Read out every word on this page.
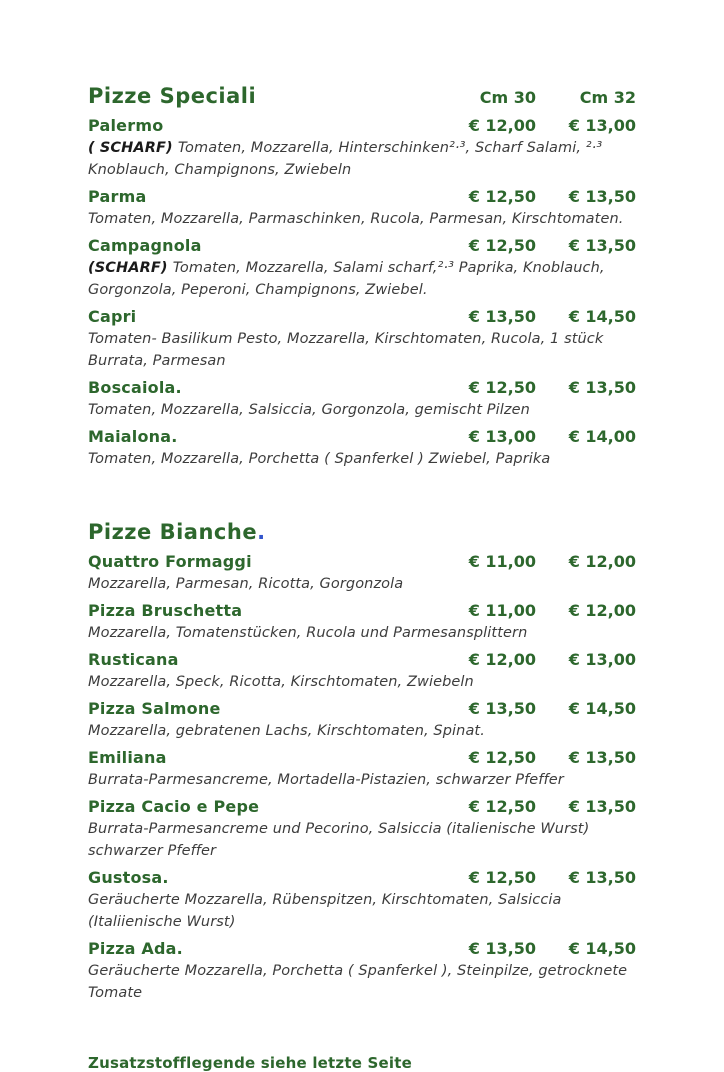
Pizze Speciali	Cm 30	Cm 32
Palermo	€ 12,00	€ 13,00
( SCHARF) Tomaten, Mozzarella, Hinterschinken²·³, Scharf Salami, ²·³ Knoblauch, Champignons, Zwiebeln
Parma	€ 12,50	€ 13,50
Tomaten, Mozzarella, Parmaschinken, Rucola, Parmesan, Kirschtomaten.
Campagnola	€ 12,50	€ 13,50
(SCHARF) Tomaten, Mozzarella, Salami scharf,²·³ Paprika, Knoblauch, Gorgonzola, Peperoni, Champignons, Zwiebel.
Capri	€ 13,50	€ 14,50
Tomaten- Basilikum Pesto, Mozzarella, Kirschtomaten, Rucola, 1 stück Burrata, Parmesan
Boscaiola.	€ 12,50	€ 13,50
Tomaten, Mozzarella, Salsiccia, Gorgonzola, gemischt Pilzen
Maialona.	€ 13,00	€ 14,00
Tomaten, Mozzarella, Porchetta ( Spanferkel ) Zwiebel, Paprika
Pizze Bianche.
Quattro Formaggi	€ 11,00	€ 12,00
Mozzarella, Parmesan, Ricotta, Gorgonzola
Pizza Bruschetta	€ 11,00	€ 12,00
Mozzarella, Tomatenstücken, Rucola und Parmesansplittern
Rusticana	€ 12,00	€ 13,00
Mozzarella, Speck, Ricotta, Kirschtomaten, Zwiebeln
Pizza Salmone	€ 13,50	€ 14,50
Mozzarella, gebratenen Lachs, Kirschtomaten, Spinat.
Emiliana	€ 12,50	€ 13,50
Burrata-Parmesancreme, Mortadella-Pistazien, schwarzer Pfeffer
Pizza Cacio e Pepe	€ 12,50	€ 13,50
Burrata-Parmesancreme und Pecorino, Salsiccia (italienische Wurst) schwarzer Pfeffer
Gustosa.	€ 12,50	€ 13,50
Geräucherte Mozzarella, Rübenspitzen, Kirschtomaten, Salsiccia (Italiienische Wurst)
Pizza Ada.	€ 13,50	€ 14,50
Geräucherte Mozzarella, Porchetta ( Spanferkel ), Steinpilze, getrocknete Tomate
Zusatzstofflegende siehe letzte Seite
